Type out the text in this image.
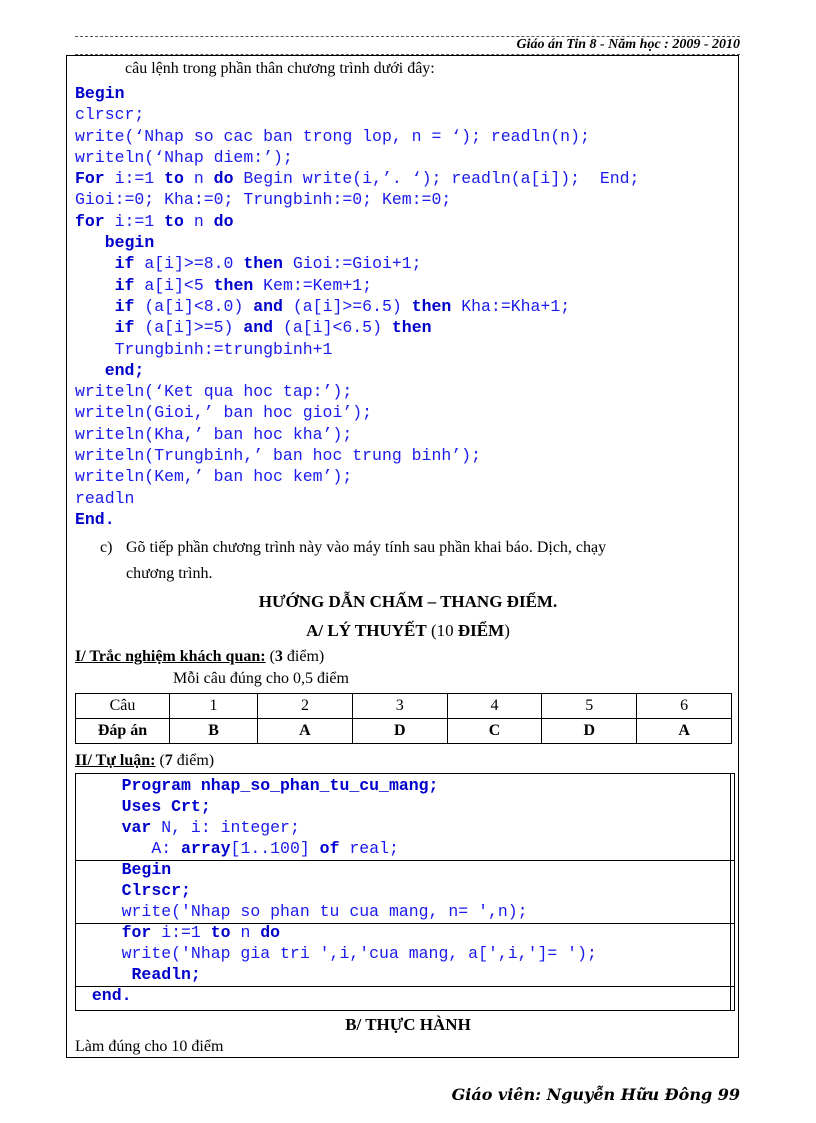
Giáo án Tin 8 - Năm học : 2009 - 2010
câu lệnh trong phần thân chương trình dưới đây:
Begin
clrscr;
write(‘Nhap so cac ban trong lop, n = ‘); readln(n);
writeln(‘Nhap diem:’);
For i:=1 to n do Begin write(i,’. ‘); readln(a[i]);  End;
Gioi:=0; Kha:=0; Trungbinh:=0; Kem:=0;
for i:=1 to n do
begin
if a[i]>=8.0 then Gioi:=Gioi+1;
if a[i]<5 then Kem:=Kem+1;
if (a[i]<8.0) and (a[i]>=6.5) then Kha:=Kha+1;
if (a[i]>=5) and (a[i]<6.5) then
Trungbinh:=trungbinh+1
end;
writeln(‘Ket qua hoc tap:’);
writeln(Gioi,’ ban hoc gioi’);
writeln(Kha,’ ban hoc kha’);
writeln(Trungbinh,’ ban hoc trung binh’);
writeln(Kem,’ ban hoc kem’);
readln
End.
c) Gõ tiếp phần chương trình này vào máy tính sau phần khai báo. Dịch, chạy
chương trình.
HƯỚNG DẪN CHẤM – THANG ĐIỂM.
A/ LÝ THUYẾT (10 ĐIỂM)
I/ Trắc nghiệm khách quan: (3 điểm)
Mỗi câu đúng cho 0,5 điểm
Câu	1	2	3	4	5	6
Đáp án	B	A	D	C	D	A
II/ Tự luận: (7 điểm)
Program nhap_so_phan_tu_cu_mang;
Uses Crt;
var N, i: integer;
A: array[1..100] of real;
Begin
Clrscr;
write('Nhap so phan tu cua mang, n= ',n);
for i:=1 to n do
write('Nhap gia tri ',i,'cua mang, a[',i,']= ');
Readln;
end.
B/ THỰC HÀNH
Làm đúng cho 10 điểm
Giáo viên: Nguyễn Hữu Đông 99
